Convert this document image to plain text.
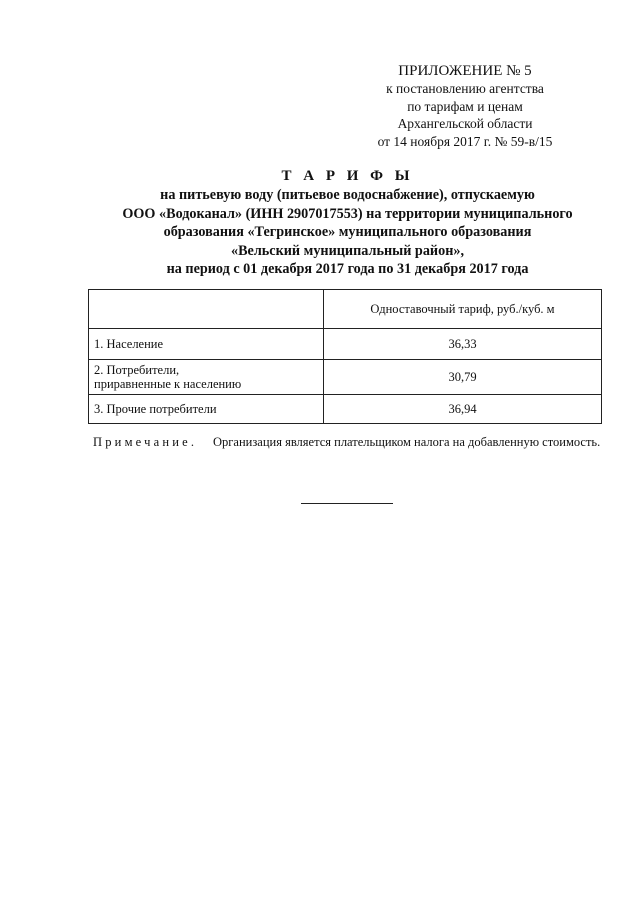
ПРИЛОЖЕНИЕ № 5
к постановлению агентства
по тарифам и ценам
Архангельской области
от 14 ноября 2017 г. № 59-в/15
Т А Р И Ф Ы
на питьевую воду (питьевое водоснабжение), отпускаемую
ООО «Водоканал» (ИНН 2907017553) на территории муниципального
образования «Тегринское» муниципального образования
«Вельский муниципальный район»,
на период с 01 декабря 2017 года по 31 декабря 2017 года
	Одноставочный тариф, руб./куб. м

1. Население	36,33

2. Потребители,
приравненные к населению	30,79

3. Прочие потребители	36,94
Примечание. Организация является плательщиком налога на добавленную стоимость.
